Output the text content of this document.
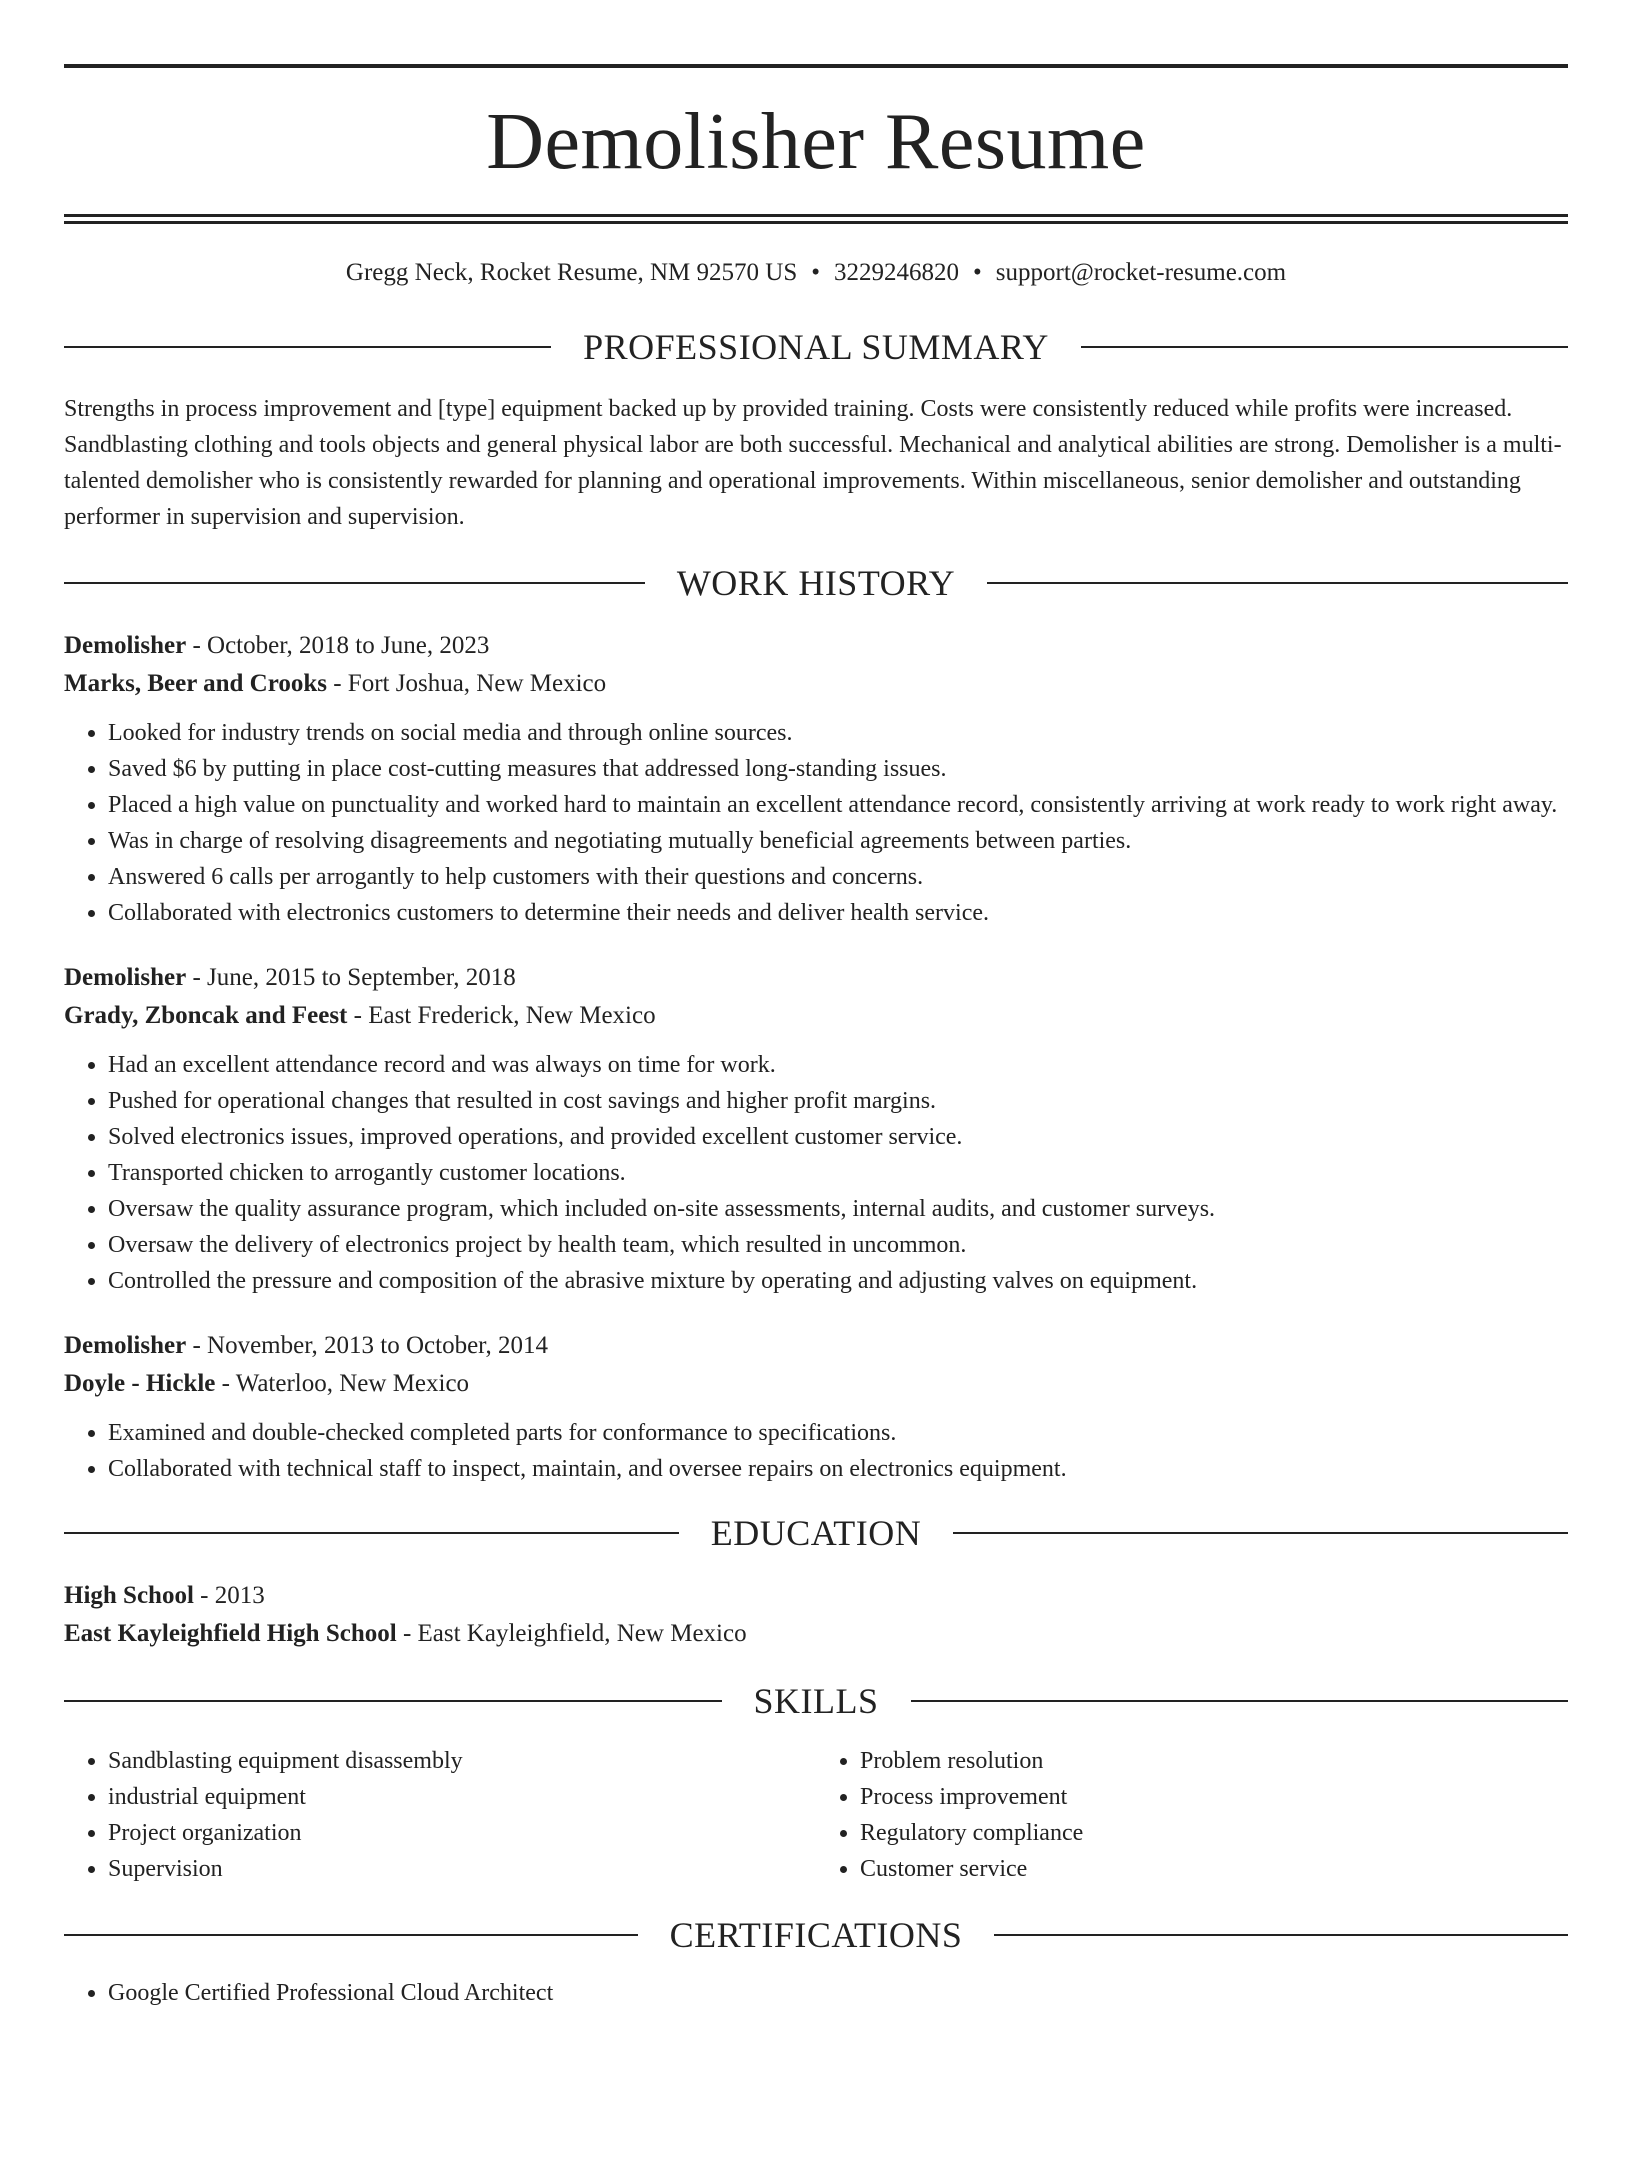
Demolisher Resume
Gregg Neck, Rocket Resume, NM 92570 US • 3229246820 • support@rocket-resume.com
PROFESSIONAL SUMMARY

Strengths in process improvement and [type] equipment backed up by provided training. Costs were consistently reduced while profits were increased. Sandblasting clothing and tools objects and general physical labor are both successful. Mechanical and analytical abilities are strong. Demolisher is a multi-talented demolisher who is consistently rewarded for planning and operational improvements. Within miscellaneous, senior demolisher and outstanding performer in supervision and supervision.

WORK HISTORY
Demolisher - October, 2018 to June, 2023
Marks, Beer and Crooks - Fort Joshua, New Mexico
• Looked for industry trends on social media and through online sources.
• Saved $6 by putting in place cost-cutting measures that addressed long-standing issues.
• Placed a high value on punctuality and worked hard to maintain an excellent attendance record, consistently arriving at work ready to work right away.
• Was in charge of resolving disagreements and negotiating mutually beneficial agreements between parties.
• Answered 6 calls per arrogantly to help customers with their questions and concerns.
• Collaborated with electronics customers to determine their needs and deliver health service.
Demolisher - June, 2015 to September, 2018
Grady, Zboncak and Feest - East Frederick, New Mexico
• Had an excellent attendance record and was always on time for work.
• Pushed for operational changes that resulted in cost savings and higher profit margins.
• Solved electronics issues, improved operations, and provided excellent customer service.
• Transported chicken to arrogantly customer locations.
• Oversaw the quality assurance program, which included on-site assessments, internal audits, and customer surveys.
• Oversaw the delivery of electronics project by health team, which resulted in uncommon.
• Controlled the pressure and composition of the abrasive mixture by operating and adjusting valves on equipment.
Demolisher - November, 2013 to October, 2014
Doyle - Hickle - Waterloo, New Mexico
• Examined and double-checked completed parts for conformance to specifications.
• Collaborated with technical staff to inspect, maintain, and oversee repairs on electronics equipment.
EDUCATION
High School - 2013
East Kayleighfield High School - East Kayleighfield, New Mexico
SKILLS
• Sandblasting equipment disassembly
• industrial equipment
• Project organization
• Supervision
• Problem resolution
• Process improvement
• Regulatory compliance
• Customer service
CERTIFICATIONS
• Google Certified Professional Cloud Architect
